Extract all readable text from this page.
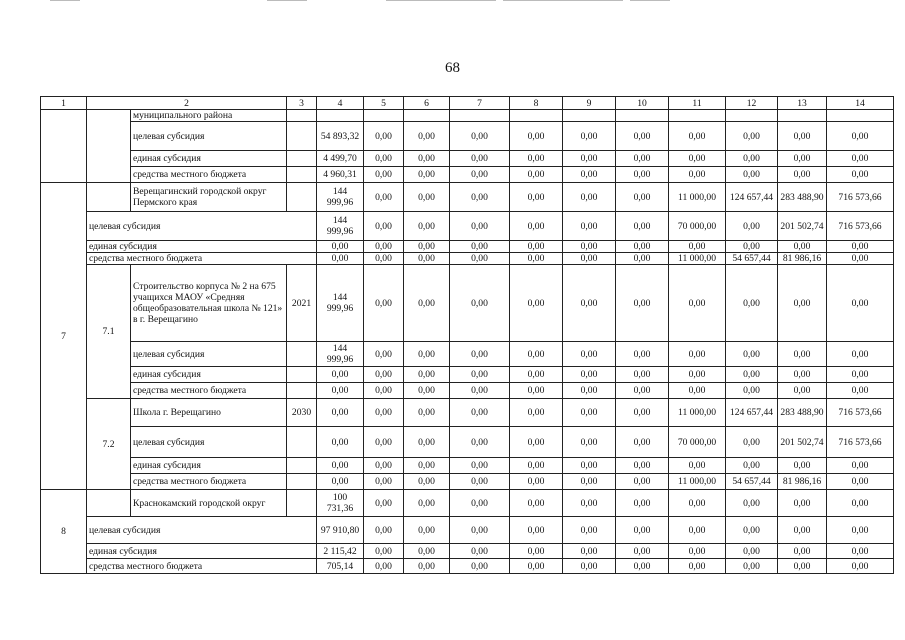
68
1	2		3	4	5	6	7	8	9	10	11	12	13	14
		муниципального района												
		целевая субсидия		54 893,32	0,00	0,00	0,00	0,00	0,00	0,00	0,00	0,00	0,00	0,00
		единая субсидия		4 499,70	0,00	0,00	0,00	0,00	0,00	0,00	0,00	0,00	0,00	0,00
		средства местного бюджета		4 960,31	0,00	0,00	0,00	0,00	0,00	0,00	0,00	0,00	0,00	0,00
7		Верещагинский городской округ Пермского края		144 999,96	0,00	0,00	0,00	0,00	0,00	0,00	11 000,00	124 657,44	283 488,90	716 573,66
	целевая субсидия			144 999,96	0,00	0,00	0,00	0,00	0,00	0,00	70 000,00	0,00	201 502,74	716 573,66
	единая субсидия			0,00	0,00	0,00	0,00	0,00	0,00	0,00	0,00	0,00	0,00	0,00
	средства местного бюджета			0,00	0,00	0,00	0,00	0,00	0,00	0,00	11 000,00	54 657,44	81 986,16	0,00
	7.1	Строительство корпуса № 2 на 675 учащихся МАОУ «Средняя общеобразовательная школа № 121» в г. Верещагино	2021	144 999,96	0,00	0,00	0,00	0,00	0,00	0,00	0,00	0,00	0,00	0,00
		целевая субсидия		144 999,96	0,00	0,00	0,00	0,00	0,00	0,00	0,00	0,00	0,00	0,00
		единая субсидия		0,00	0,00	0,00	0,00	0,00	0,00	0,00	0,00	0,00	0,00	0,00
		средства местного бюджета		0,00	0,00	0,00	0,00	0,00	0,00	0,00	0,00	0,00	0,00	0,00
	7.2	Школа г. Верещагино	2030	0,00	0,00	0,00	0,00	0,00	0,00	0,00	11 000,00	124 657,44	283 488,90	716 573,66
		целевая субсидия		0,00	0,00	0,00	0,00	0,00	0,00	0,00	70 000,00	0,00	201 502,74	716 573,66
		единая субсидия		0,00	0,00	0,00	0,00	0,00	0,00	0,00	0,00	0,00	0,00	0,00
		средства местного бюджета		0,00	0,00	0,00	0,00	0,00	0,00	0,00	11 000,00	54 657,44	81 986,16	0,00
8		Краснокамский городской округ		100 731,36	0,00	0,00	0,00	0,00	0,00	0,00	0,00	0,00	0,00	0,00
	целевая субсидия			97 910,80	0,00	0,00	0,00	0,00	0,00	0,00	0,00	0,00	0,00	0,00
	единая субсидия			2 115,42	0,00	0,00	0,00	0,00	0,00	0,00	0,00	0,00	0,00	0,00
	средства местного бюджета			705,14	0,00	0,00	0,00	0,00	0,00	0,00	0,00	0,00	0,00	0,00
